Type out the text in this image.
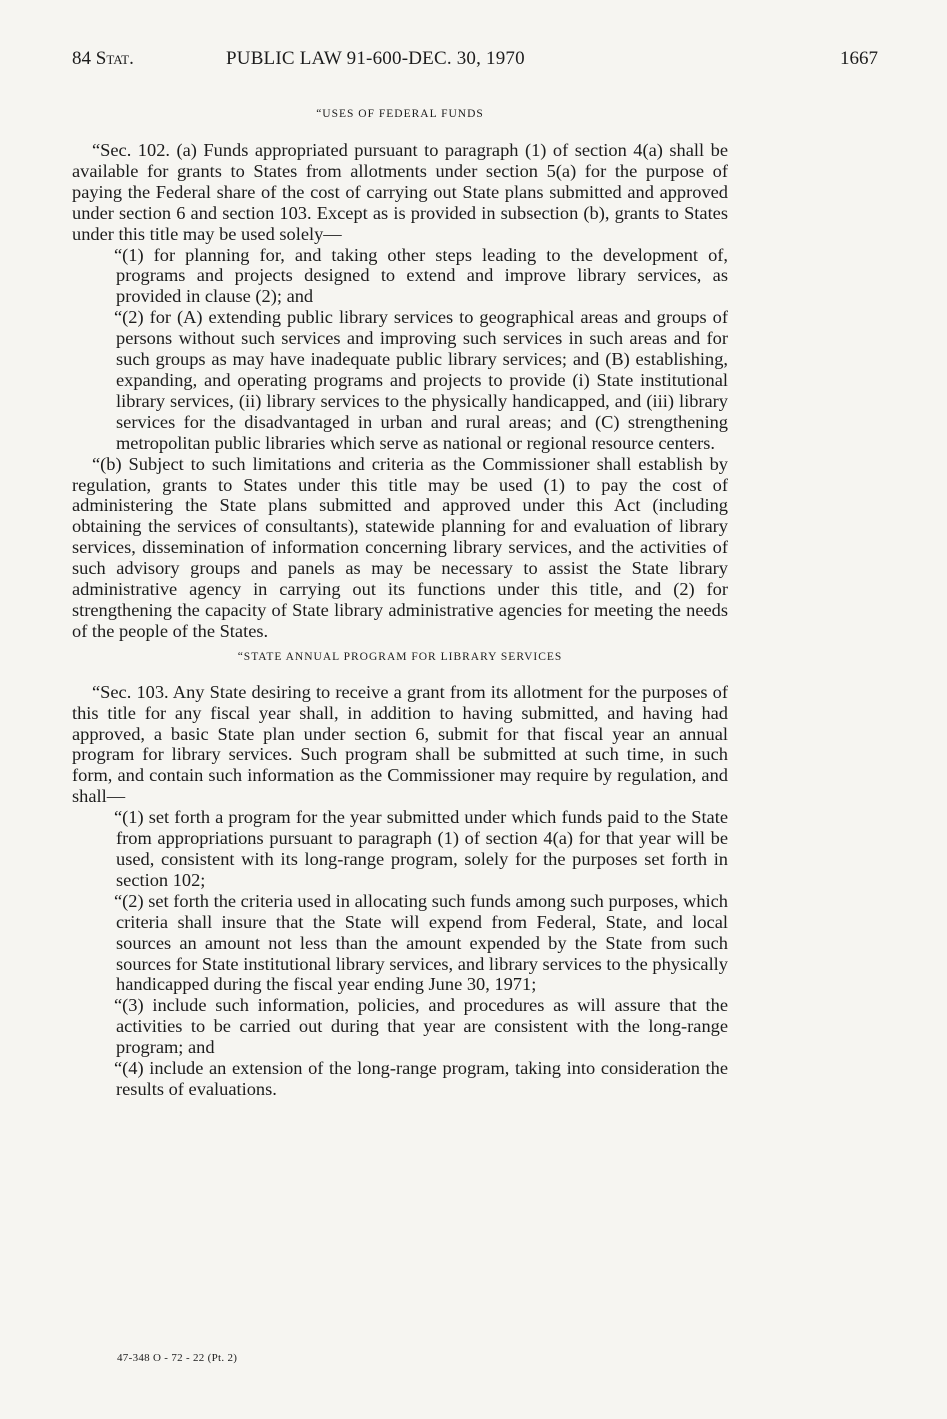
84 Stat.	PUBLIC LAW 91-600-DEC. 30, 1970	1667
“USES OF FEDERAL FUNDS

“Sec. 102. (a) Funds appropriated pursuant to paragraph (1) of section 4(a) shall be available for grants to States from allotments under section 5(a) for the purpose of paying the Federal share of the cost of carrying out State plans submitted and approved under section 6 and section 103. Except as is provided in subsection (b), grants to States under this title may be used solely—

“(1) for planning for, and taking other steps leading to the development of, programs and projects designed to extend and improve library services, as provided in clause (2); and

“(2) for (A) extending public library services to geographical areas and groups of persons without such services and improving such services in such areas and for such groups as may have inadequate public library services; and (B) establishing, expanding, and operating programs and projects to provide (i) State institutional library services, (ii) library services to the physically handicapped, and (iii) library services for the disadvantaged in urban and rural areas; and (C) strengthening metropolitan public libraries which serve as national or regional resource centers.

“(b) Subject to such limitations and criteria as the Commissioner shall establish by regulation, grants to States under this title may be used (1) to pay the cost of administering the State plans submitted and approved under this Act (including obtaining the services of consultants), statewide planning for and evaluation of library services, dissemination of information concerning library services, and the activities of such advisory groups and panels as may be necessary to assist the State library administrative agency in carrying out its functions under this title, and (2) for strengthening the capacity of State library administrative agencies for meeting the needs of the people of the States.

“STATE ANNUAL PROGRAM FOR LIBRARY SERVICES

“Sec. 103. Any State desiring to receive a grant from its allotment for the purposes of this title for any fiscal year shall, in addition to having submitted, and having had approved, a basic State plan under section 6, submit for that fiscal year an annual program for library services. Such program shall be submitted at such time, in such form, and contain such information as the Commissioner may require by regulation, and shall—

“(1) set forth a program for the year submitted under which funds paid to the State from appropriations pursuant to paragraph (1) of section 4(a) for that year will be used, consistent with its long-range program, solely for the purposes set forth in section 102;

“(2) set forth the criteria used in allocating such funds among such purposes, which criteria shall insure that the State will expend from Federal, State, and local sources an amount not less than the amount expended by the State from such sources for State institutional library services, and library services to the physically handicapped during the fiscal year ending June 30, 1971;

“(3) include such information, policies, and procedures as will assure that the activities to be carried out during that year are consistent with the long-range program; and

“(4) include an extension of the long-range program, taking into consideration the results of evaluations.

47-348 O - 72 - 22 (Pt. 2)
